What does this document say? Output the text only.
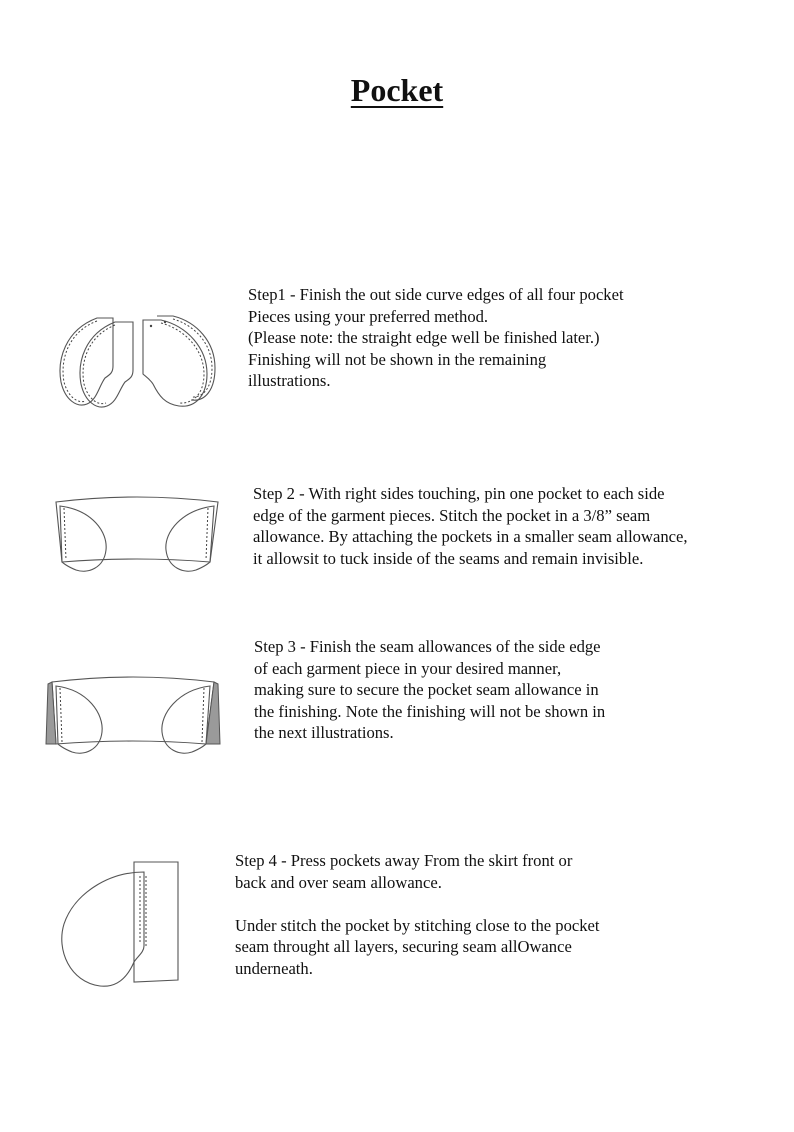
Pocket
Step1 - Finish the out side curve edges of all four pocket
Pieces using your preferred method.
(Please note: the straight edge well be finished later.)
Finishing will not be shown in the remaining
illustrations.
Step 2 - With right sides touching, pin one pocket to each side
edge of the garment pieces. Stitch the pocket in a 3/8” seam
allowance. By attaching the pockets in a smaller seam allowance,
it allowsit to tuck inside of the seams and remain invisible.
Step 3 - Finish the seam allowances of the side edge
of each garment piece in your desired manner,
making sure to secure the pocket seam allowance in
the finishing. Note the finishing will not be shown in
the next illustrations.
Step 4 - Press pockets away From the skirt front or
back and over seam allowance.
Under stitch the pocket by stitching close to the pocket
seam throught all layers, securing seam allOwance
underneath.
